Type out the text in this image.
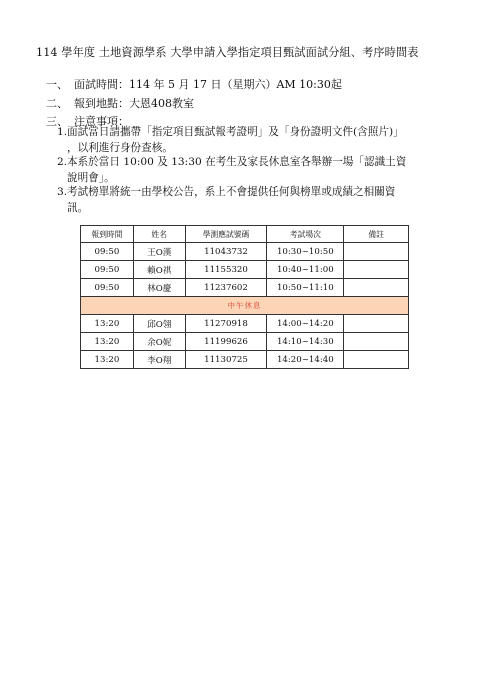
114 學年度 土地資源學系 大學申請入學指定項目甄試面試分組、考序時間表
一、 面試時間：114 年 5 月 17 日（星期六）AM 10:30起
二、 報到地點：大恩408教室
三、 注意事項：
1.面試當日請攜帶「指定項目甄試報考證明」及「身份證明文件(含照片)」
，以利進行身份查核。
2.本系於當日 10:00 及 13:30 在考生及家長休息室各舉辦一場「認識土資
說明會」。
3.考試榜單將統一由學校公告，系上不會提供任何與榜單或成績之相關資
訊。
報到時間	姓名	學測應試號碼	考試場次	備註
09:50	王O漢	11043732	10:30~10:50	
09:50	賴O祺	11155320	10:40~11:00	
09:50	林O慶	11237602	10:50~11:10	
中午休息				
13:20	邱O翎	11270918	14:00~14:20	
13:20	余O妮	11199626	14:10~14:30	
13:20	李O翔	11130725	14:20~14:40	
